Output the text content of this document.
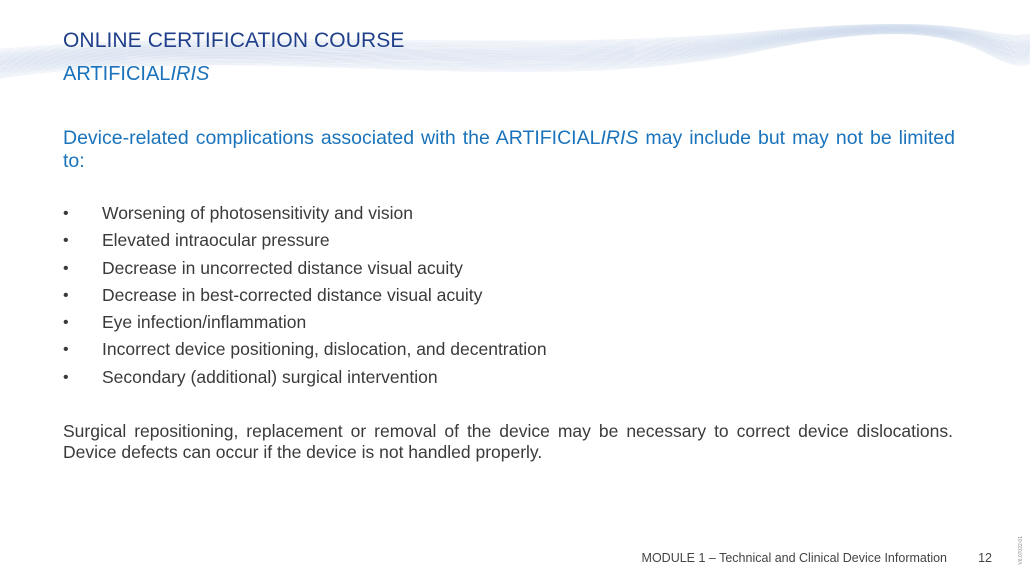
ONLINE CERTIFICATION COURSE
ARTIFICIALIRIS
Device-related complications associated with the ARTIFICIALIRIS may include but may not be limited to:
• Worsening of photosensitivity and vision
• Elevated intraocular pressure
• Decrease in uncorrected distance visual acuity
• Decrease in best-corrected distance visual acuity
• Eye infection/inflammation
• Incorrect device positioning, dislocation, and decentration
• Secondary (additional) surgical intervention
Surgical repositioning, replacement or removal of the device may be necessary to correct device dislocations. Device defects can occur if the device is not handled properly.
MODULE 1 – Technical and Clinical Device Information 12	V6.07022-01
